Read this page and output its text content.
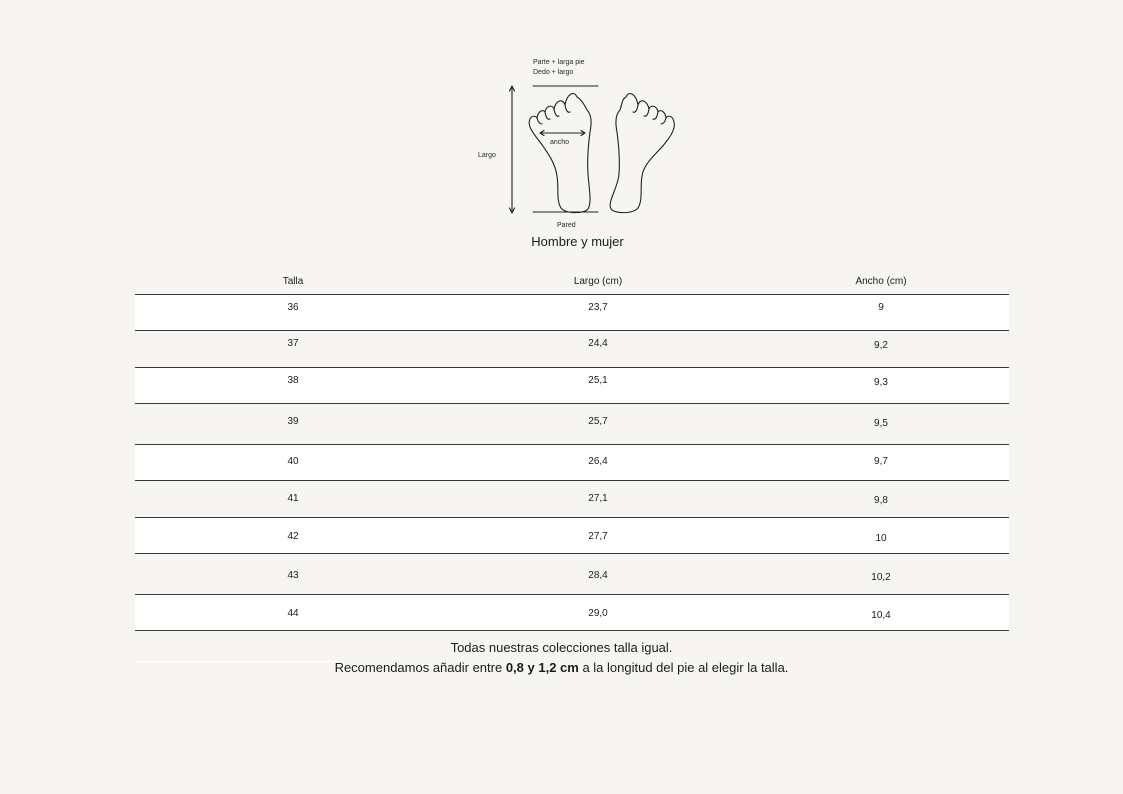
Parte + larga pie
Dedo + largo
Largo
ancho
Pared
Hombre y mujer
Talla	Largo (cm)	Ancho (cm)
36	23,7	9
37	24,4	9,2
38	25,1	9,3
39	25,7	9,5
40	26,4	9,7
41	27,1	9,8
42	27,7	10
43	28,4	10,2
44	29,0	10,4
Todas nuestras colecciones talla igual.
Recomendamos añadir entre 0,8 y 1,2 cm a la longitud del pie al elegir la talla.
